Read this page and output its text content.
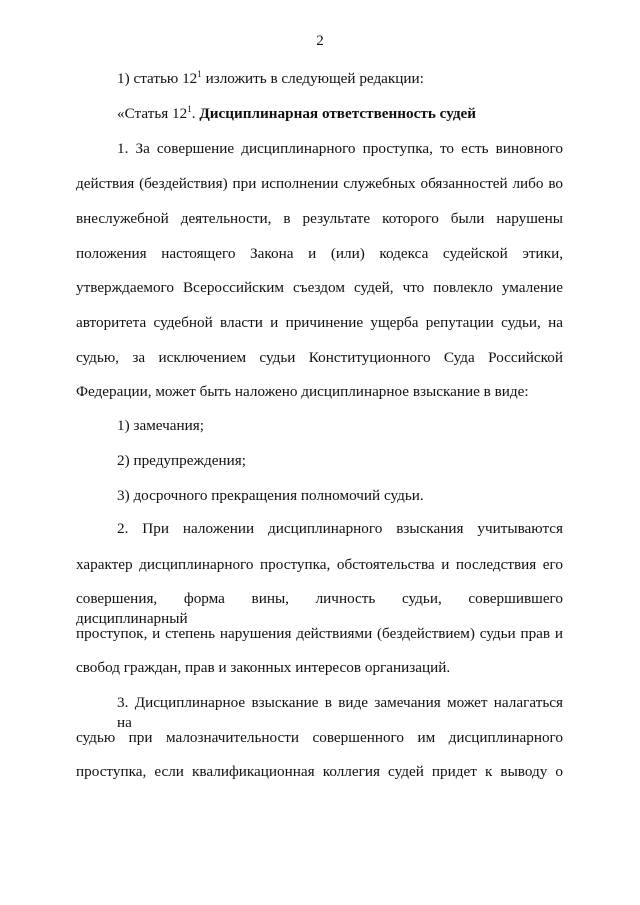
2
1) статью $12^1$ изложить в следующей редакции:
«Статья $12^1$. Дисциплинарная ответственность судей
1. За совершение дисциплинарного проступка, то есть виновного
действия (бездействия) при исполнении служебных обязанностей либо во
внеслужебной деятельности, в результате которого были нарушены
положения настоящего Закона и (или) кодекса судейской этики,
утверждаемого Всероссийским съездом судей, что повлекло умаление
авторитета судебной власти и причинение ущерба репутации судьи, на
судью, за исключением судьи Конституционного Суда Российской
Федерации, может быть наложено дисциплинарное взыскание в виде:
1) замечания;
2) предупреждения;
3) досрочного прекращения полномочий судьи.
2. При наложении дисциплинарного взыскания учитываются
характер дисциплинарного проступка, обстоятельства и последствия его
совершения, форма вины, личность судьи, совершившего дисциплинарный
проступок, и степень нарушения действиями (бездействием) судьи прав и
свобод граждан, прав и законных интересов организаций.
3. Дисциплинарное взыскание в виде замечания может налагаться на
судью при малозначительности совершенного им дисциплинарного
проступка, если квалификационная коллегия судей придет к выводу о
